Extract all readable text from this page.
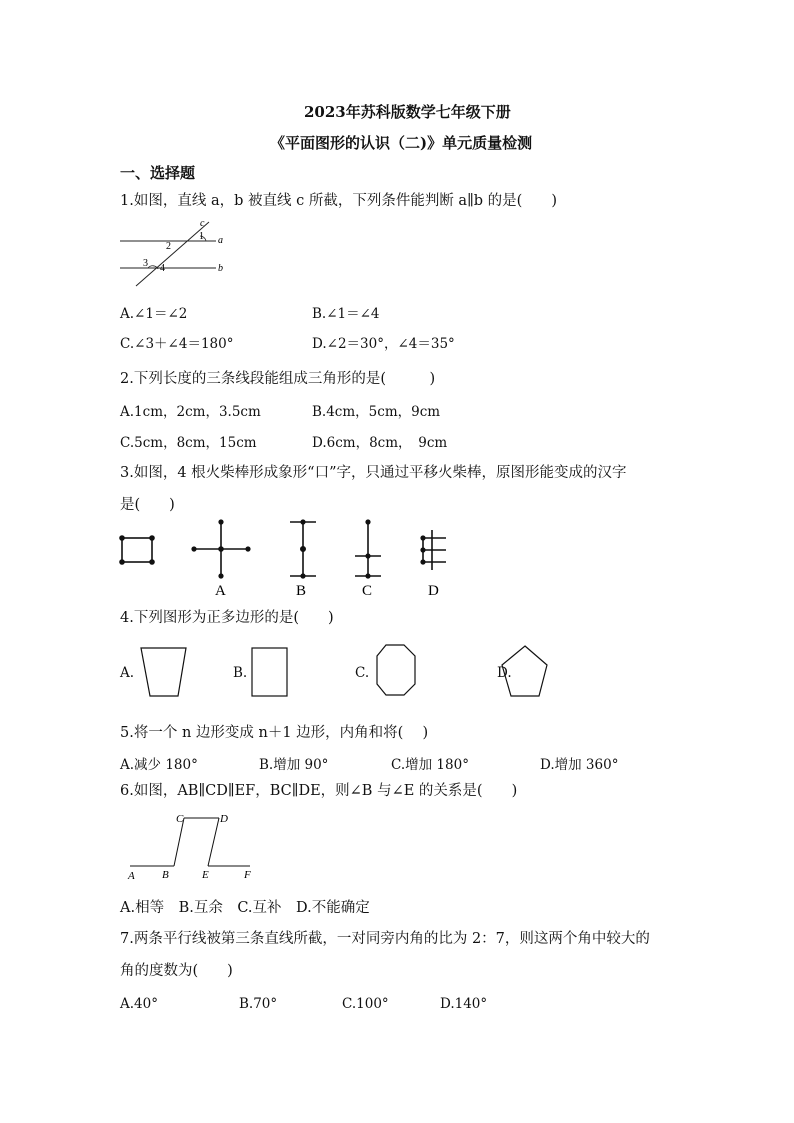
2023年苏科版数学七年级下册
《平面图形的认识（二)》单元质量检测
一、选择题
1.如图，直线 a，b 被直线 c 所截，下列条件能判断 a∥b 的是(　　)
c
a
b
1
2
3 4
A.∠1＝∠2	B.∠1＝∠4
C.∠3＋∠4＝180°	D.∠2＝30°，∠4＝35°
2.下列长度的三条线段能组成三角形的是(　　　)
A.1cm，2cm，3.5cm	B.4cm，5cm，9cm
C.5cm，8cm，15cm	D.6cm，8cm，　9cm
3.如图，4 根火柴棒形成象形“口”字，只通过平移火柴棒，原图形能变成的汉字
是(　　)
A	B	C	D
4.下列图形为正多边形的是(　　)
A.	B.	C.	D.
5.将一个 n 边形变成 n＋1 边形，内角和将(　 )
A.减少 180°	B.增加 90°	C.增加 180°	D.增加 360°
6.如图，AB∥CD∥EF，BC∥DE，则∠B 与∠E 的关系是(　　)
A B
C	D
E	F
A.相等　B.互余　C.互补　D.不能确定
7.两条平行线被第三条直线所截，一对同旁内角的比为 2：7，则这两个角中较大的
角的度数为(　　)
A.40°	B.70°	C.100°	D.140°
